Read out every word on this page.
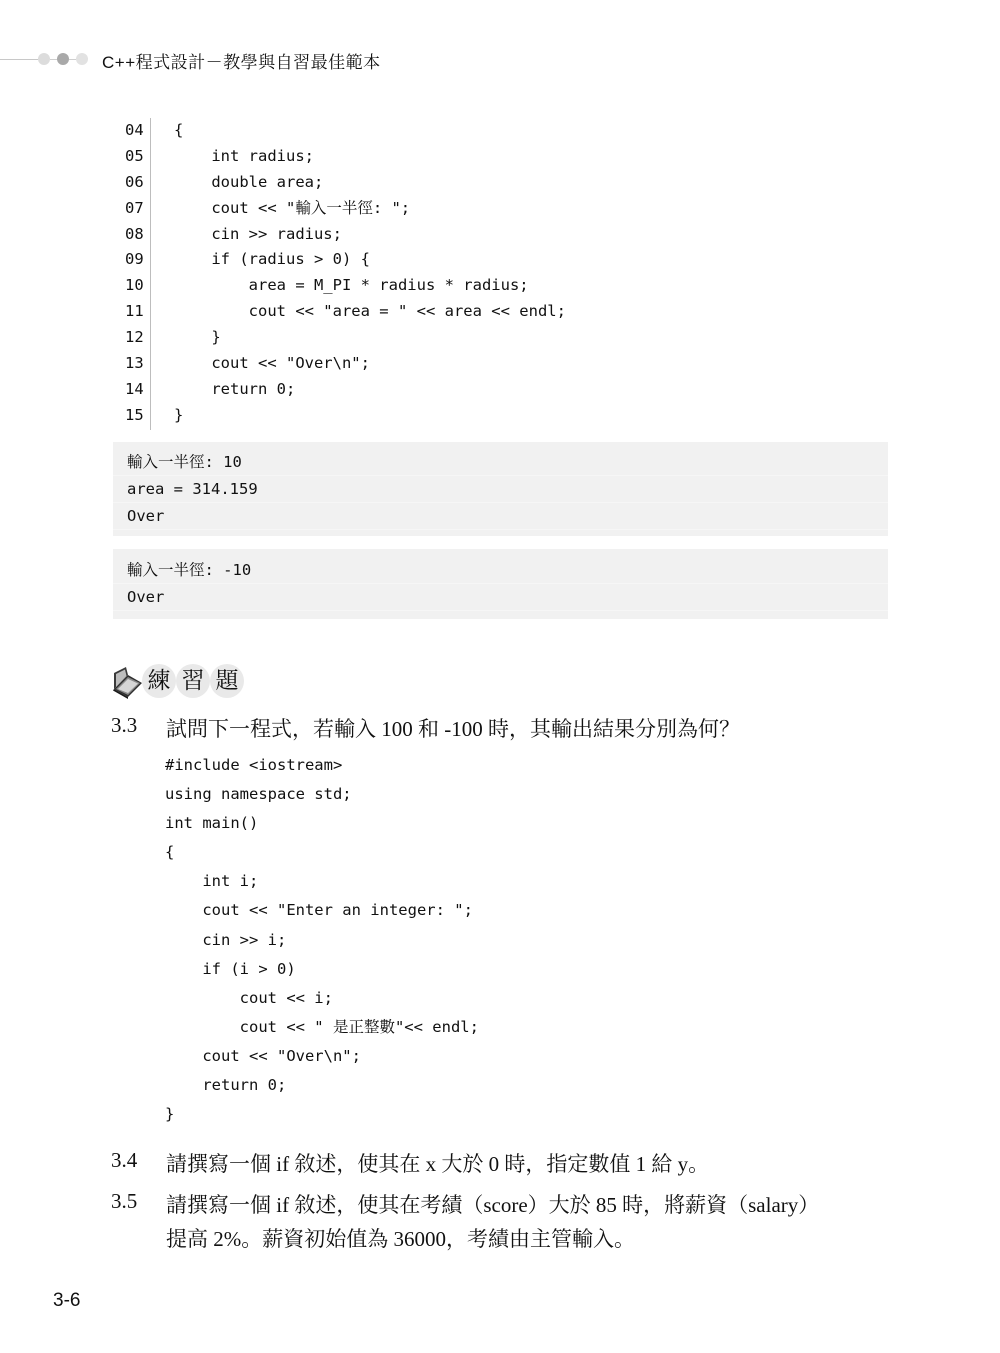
C++程式設計－教學與自習最佳範本
04 {
05 int radius;
06 double area;
07 cout << "輸入一半徑: ";
08 cin >> radius;
09 if (radius > 0) {
10 area = M_PI * radius * radius;
11 cout << "area = " << area << endl;
12 }
13 cout << "Over\n";
14 return 0;
15 }
輸入一半徑: 10
area = 314.159
Over
輸入一半徑: -10
Over
練 習 題
3.3 試問下一程式，若輸入 100 和 -100 時，其輸出結果分別為何？
#include <iostream>
using namespace std;
int main()
{
int i;
cout << "Enter an integer: ";
cin >> i;
if (i > 0)
cout << i;
cout << " 是正整數"<< endl;
cout << "Over\n";
return 0;
}
3.4 請撰寫一個 if 敘述，使其在 x 大於 0 時，指定數值 1 給 y。
3.5 請撰寫一個 if 敘述，使其在考績（score）大於 85 時，將薪資（salary）
提高 2%。薪資初始值為 36000，考績由主管輸入。
3-6
